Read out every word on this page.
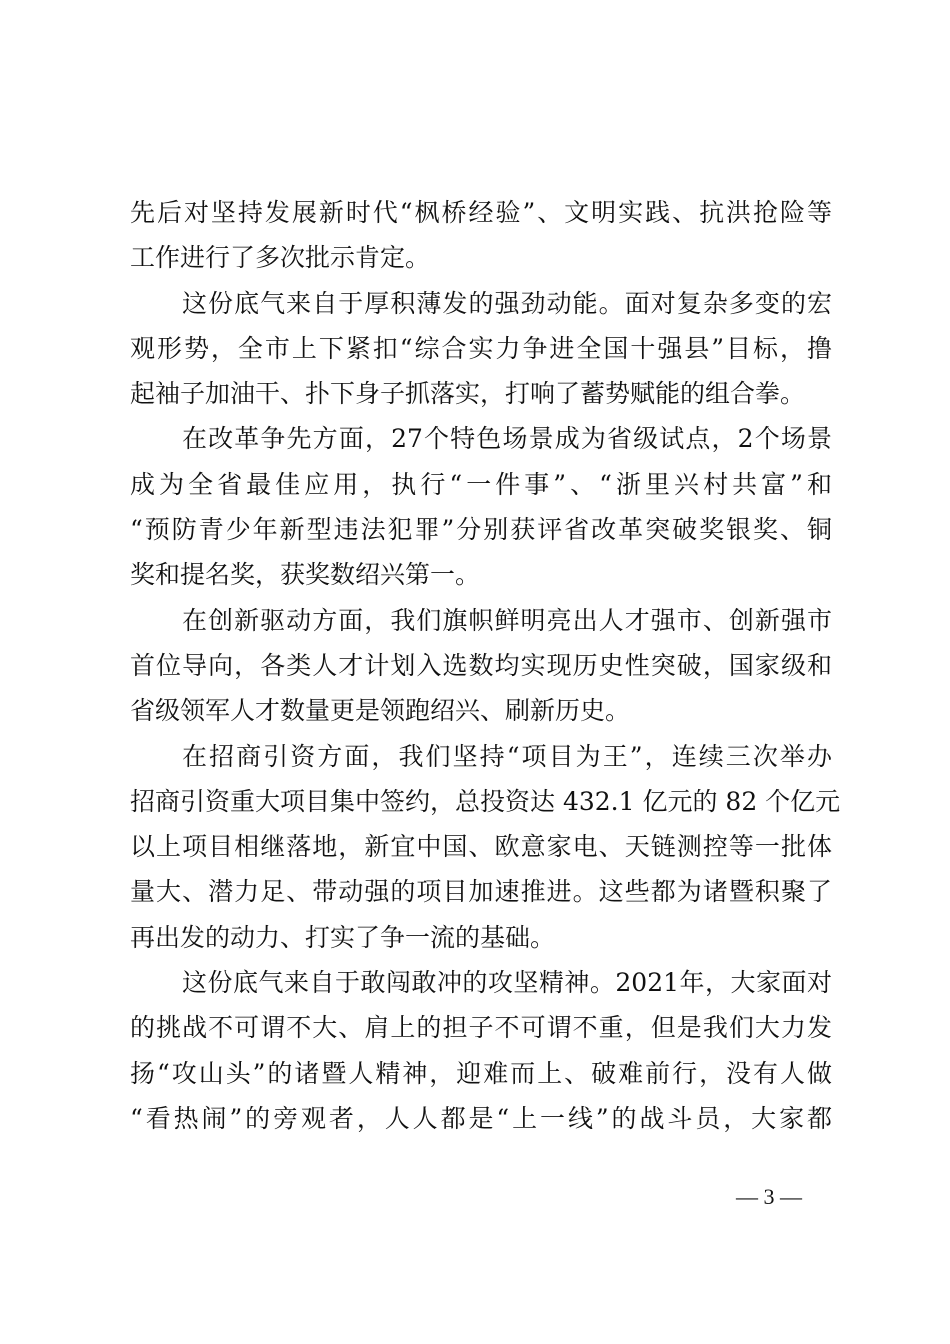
先后对坚持发展新时代“枫桥经验”、文明实践、抗洪抢险等
工作进行了多次批示肯定。
这份底气来自于厚积薄发的强劲动能。面对复杂多变的宏
观形势，全市上下紧扣“综合实力争进全国十强县”目标，撸
起袖子加油干、扑下身子抓落实，打响了蓄势赋能的组合拳。
在改革争先方面，27个特色场景成为省级试点，2个场景
成为全省最佳应用，执行“一件事”、“浙里兴村共富”和
“预防青少年新型违法犯罪”分别获评省改革突破奖银奖、铜
奖和提名奖，获奖数绍兴第一。
在创新驱动方面，我们旗帜鲜明亮出人才强市、创新强市
首位导向，各类人才计划入选数均实现历史性突破，国家级和
省级领军人才数量更是领跑绍兴、刷新历史。
在招商引资方面，我们坚持“项目为王”，连续三次举办
招商引资重大项目集中签约，总投资达 432.1 亿元的 82 个亿元
以上项目相继落地，新宜中国、欧意家电、天链测控等一批体
量大、潜力足、带动强的项目加速推进。这些都为诸暨积聚了
再出发的动力、打实了争一流的基础。
这份底气来自于敢闯敢冲的攻坚精神。2021年，大家面对
的挑战不可谓不大、肩上的担子不可谓不重，但是我们大力发
扬“攻山头”的诸暨人精神，迎难而上、破难前行，没有人做
“看热闹”的旁观者，人人都是“上一线”的战斗员，大家都
— 3 —
